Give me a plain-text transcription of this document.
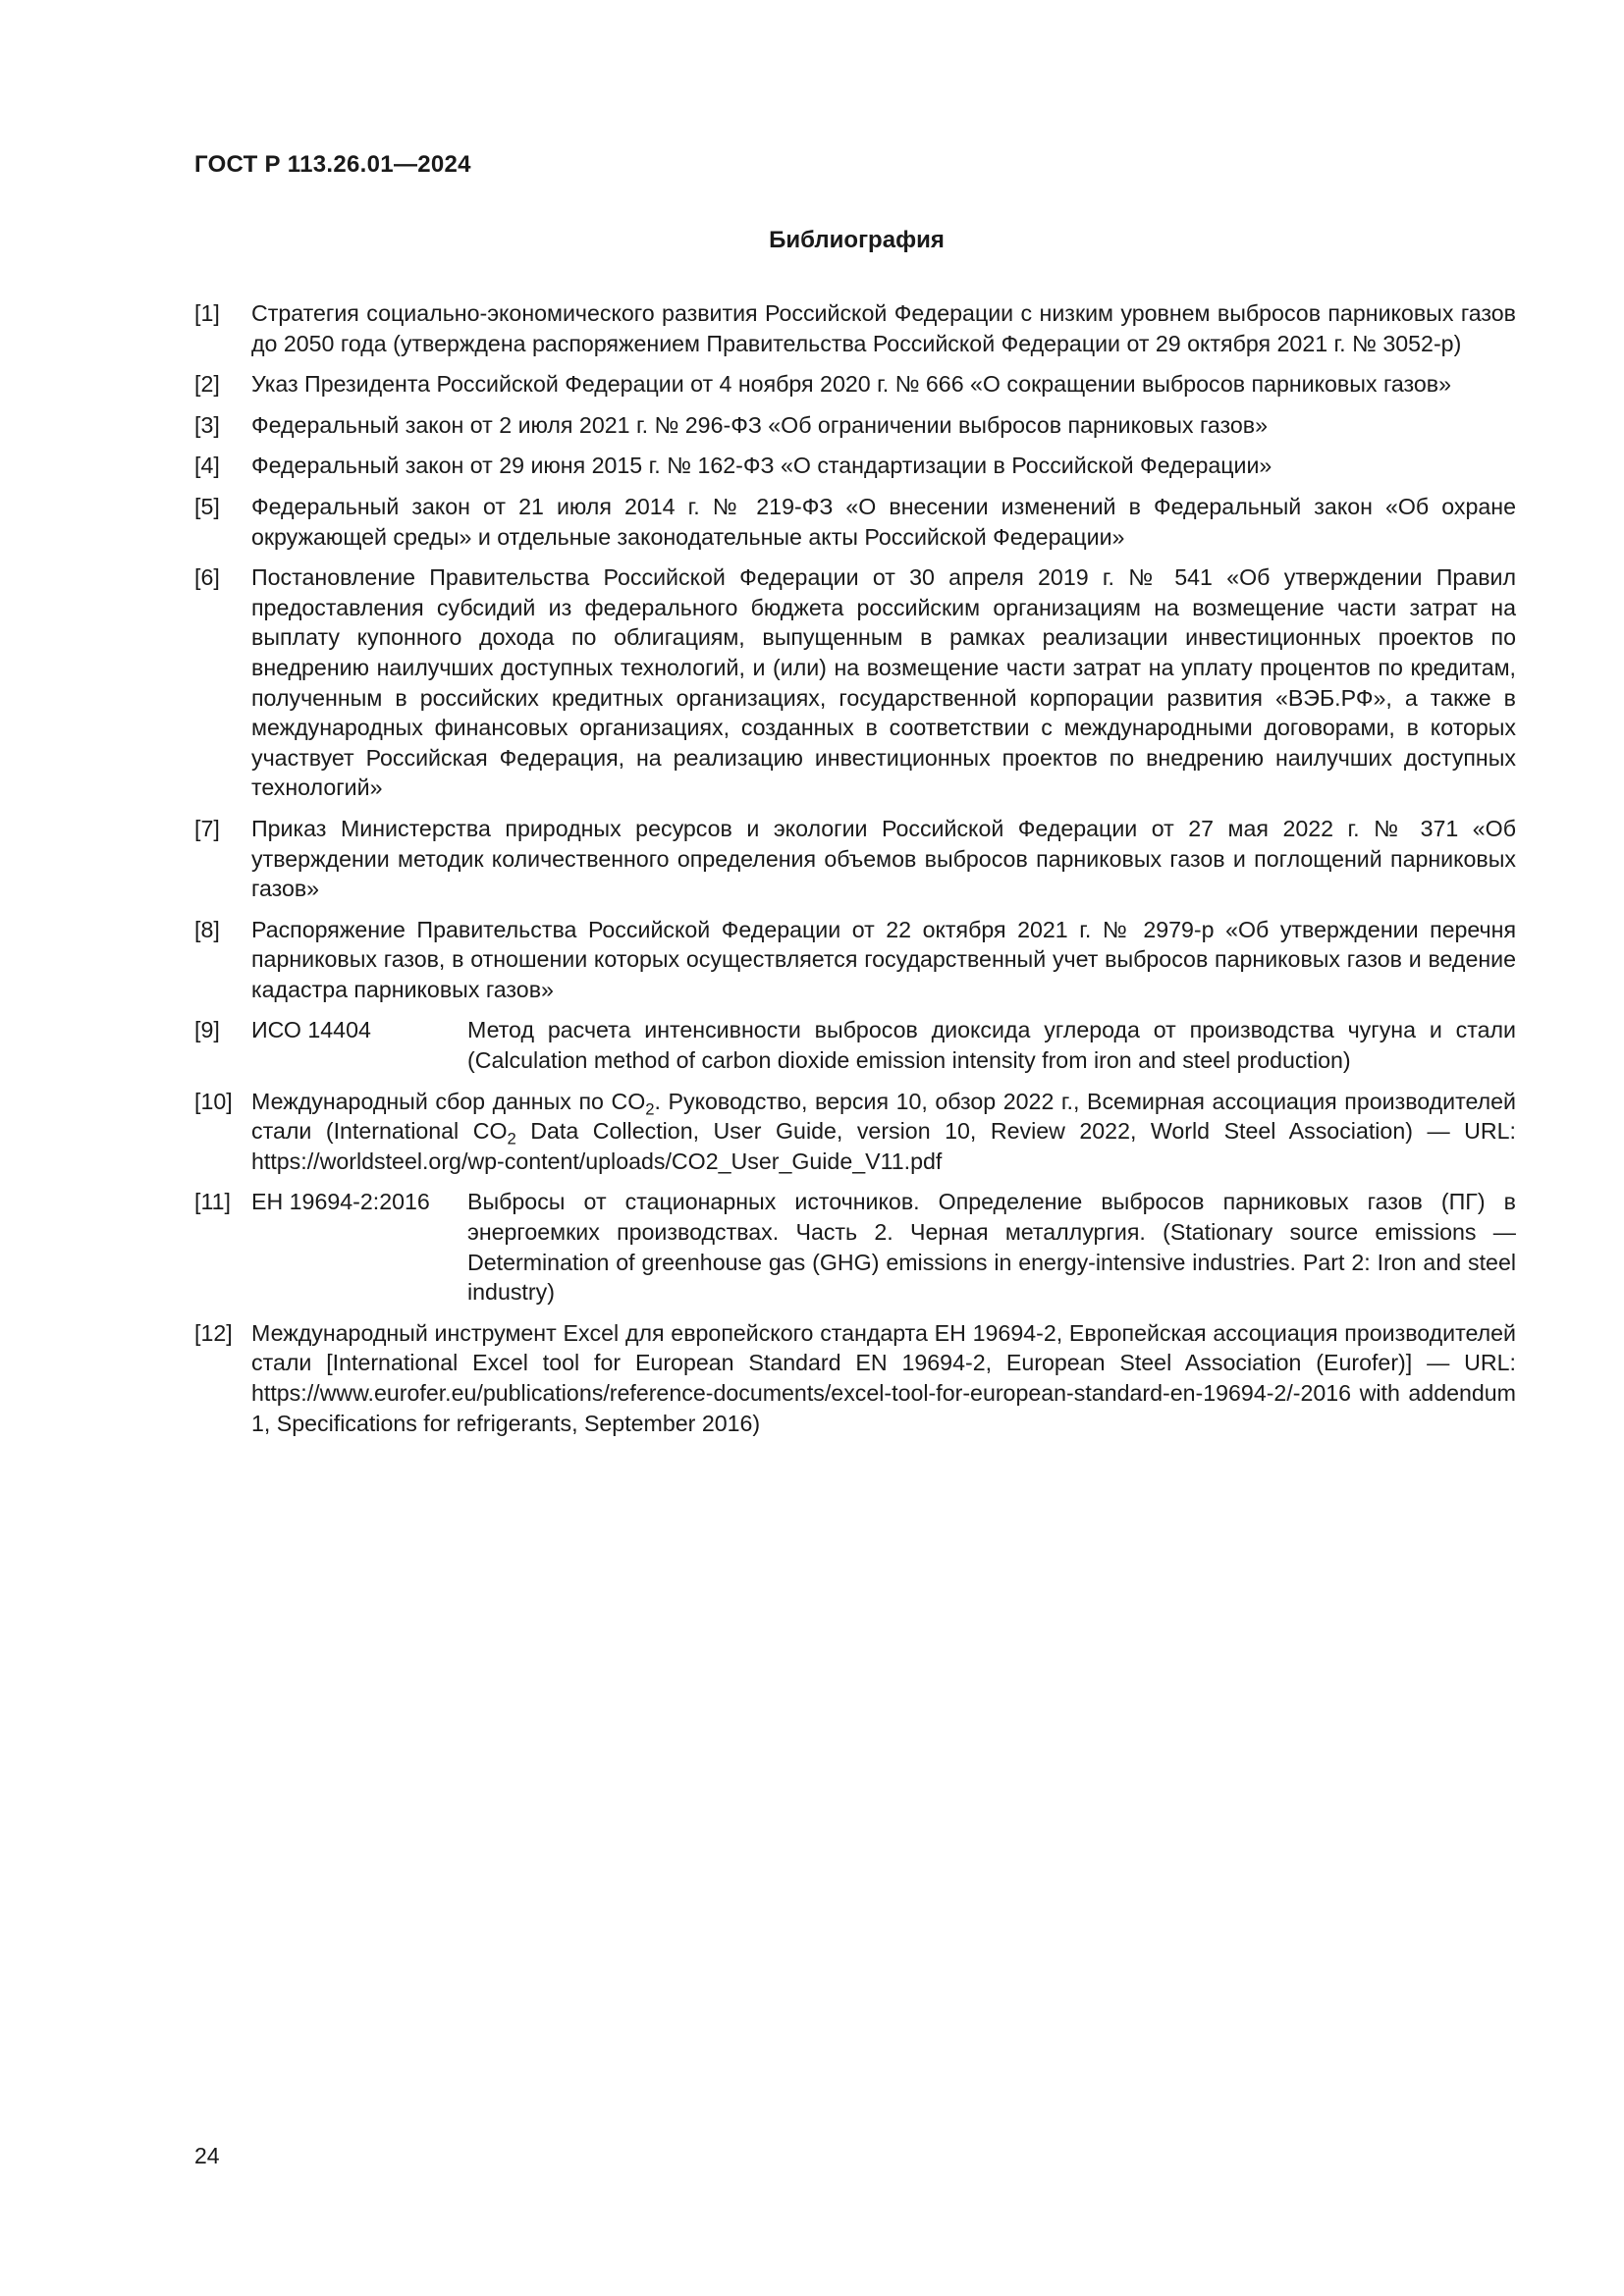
ГОСТ Р 113.26.01—2024
Библиография
[1]	Стратегия социально-экономического развития Российской Федерации с низким уровнем выбросов парниковых газов до 2050 года (утверждена распоряжением Правительства Российской Федерации от 29 октября 2021 г. № 3052-р)
[2]	Указ Президента Российской Федерации от 4 ноября 2020 г. № 666 «О сокращении выбросов парниковых газов»
[3]	Федеральный закон от 2 июля 2021 г. № 296-ФЗ «Об ограничении выбросов парниковых газов»
[4]	Федеральный закон от 29 июня 2015 г. № 162-ФЗ «О стандартизации в Российской Федерации»
[5]	Федеральный закон от 21 июля 2014 г. № 219-ФЗ «О внесении изменений в Федеральный закон «Об охране окружающей среды» и отдельные законодательные акты Российской Федерации»
[6]	Постановление Правительства Российской Федерации от 30 апреля 2019 г. № 541 «Об утверждении Правил предоставления субсидий из федерального бюджета российским организациям на возмещение части затрат на выплату купонного дохода по облигациям, выпущенным в рамках реализации инвестиционных проектов по внедрению наилучших доступных технологий, и (или) на возмещение части затрат на уплату процентов по кредитам, полученным в российских кредитных организациях, государственной корпорации развития «ВЭБ.РФ», а также в международных финансовых организациях, созданных в соответствии с международными договорами, в которых участвует Российская Федерация, на реализацию инвестиционных проектов по внедрению наилучших доступных технологий»
[7]	Приказ Министерства природных ресурсов и экологии Российской Федерации от 27 мая 2022 г. № 371 «Об утверждении методик количественного определения объемов выбросов парниковых газов и поглощений парниковых газов»
[8]	Распоряжение Правительства Российской Федерации от 22 октября 2021 г. № 2979-р «Об утверждении перечня парниковых газов, в отношении которых осуществляется государственный учет выбросов парниковых газов и ведение кадастра парниковых газов»
[9]	ИСО 14404	Метод расчета интенсивности выбросов диоксида углерода от производства чугуна и стали (Calculation method of carbon dioxide emission intensity from iron and steel production)
[10] Международный сбор данных по $CO_2$. Руководство, версия 10, обзор 2022 г., Всемирная ассоциация производителей стали (International $CO_2$ Data Collection, User Guide, version 10, Review 2022, World Steel Association) — URL: https://worldsteel.org/wp-content/uploads/CO2_User_Guide_V11.pdf
[11] ЕН 19694-2:2016	Выбросы от стационарных источников. Определение выбросов парниковых газов (ПГ) в энергоемких производствах. Часть 2. Черная металлургия. (Stationary source emissions — Determination of greenhouse gas (GHG) emissions in energy-intensive industries. Part 2: Iron and steel industry)
[12] Международный инструмент Excel для европейского стандарта ЕН 19694-2, Европейская ассоциация производителей стали [International Excel tool for European Standard EN 19694-2, European Steel Association (Eurofer)] — URL: https://www.eurofer.eu/publications/reference-documents/excel-tool-for-european-standard-en-19694-2/-2016 with addendum 1, Specifications for refrigerants, September 2016)
24
